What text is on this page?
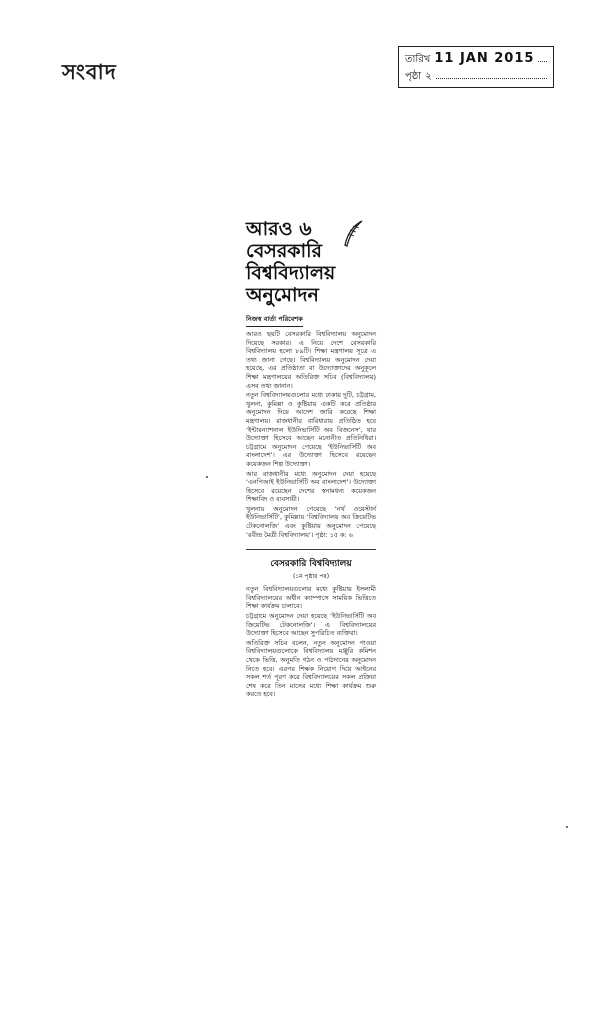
সংবাদ
তারিখ 11 JAN 2015
পৃষ্ঠা ২
আরও ৬ বেসরকারি বিশ্ববিদ্যালয় অনুমোদন
নিজস্ব বার্তা পরিবেশক

আরও ছয়টি বেসরকারি বিশ্ববিদ্যালয় অনুমোদন দিয়েছে সরকার। এ নিয়ে দেশে বেসরকারি বিশ্ববিদ্যালয় হলো ৮৯টি। শিক্ষা মন্ত্রণালয় সূত্রে এ তথ্য জানা গেছে। বিশ্ববিদ্যালয় অনুমোদন দেয়া হয়েছে, এর প্রতিষ্ঠাতা বা উদ্যোক্তাদের অনুকূলে শিক্ষা মন্ত্রণালয়ের অতিরিক্ত সচিব (বিশ্ববিদ্যালয়) এসব তথ্য জানান।

নতুন বিশ্ববিদ্যালয়গুলোর মধ্যে ঢাকায় দুটি, চট্টগ্রাম, খুলনা, কুমিল্লা ও কুষ্টিয়ায় একটি করে প্রতিষ্ঠার অনুমোদন দিয়ে আদেশ জারি করেছে শিক্ষা মন্ত্রণালয়। রাজধানীর বারিধারায় প্রতিষ্ঠিত হবে ‘ইন্টারন্যাশনাল ইউনিভার্সিটি অব বিজনেস’, যার উদ্যোক্তা হিসেবে আছেন মনোনীত প্রতিনিধিরা। চট্টগ্রামে অনুমোদন পেয়েছে ‘ইউনিভার্সিটি অব বাংলাদেশ’। এর উদ্যোক্তা হিসেবে রয়েছেন কয়েকজন শিল্প উদ্যোক্তা।

আর রাজধানীর মধ্যে অনুমোদন দেয়া হয়েছে ‘এনপিআই ইউনিভার্সিটি অব বাংলাদেশ’। উদ্যোক্তা হিসেবে রয়েছেন দেশের স্বনামধন্য কয়েকজন শিক্ষাবিদ ও ব্যবসায়ী।

খুলনায় অনুমোদন পেয়েছে ‘নর্থ ওয়েস্টার্ন ইউনিভার্সিটি’, কুমিল্লায় ‘বিশ্ববিদ্যালয় অব ক্রিয়েটিভ টেকনোলজি’ এবং কুষ্টিয়ায় অনুমোদন পেয়েছে ‘রবীন্দ্র মৈত্রী বিশ্ববিদ্যালয়’। পৃষ্ঠা: ১৫ ক: ৬

বেসরকারি বিশ্ববিদ্যালয়
(১ম পৃষ্ঠার পর)

নতুন বিশ্ববিদ্যালয়গুলোর মধ্যে কুষ্টিয়ায় ইসলামী বিশ্ববিদ্যালয়ের অধীন ক্যাম্পাসে সাময়িক ভিত্তিতে শিক্ষা কার্যক্রম চালাবে।

চট্টগ্রামে অনুমোদন দেয়া হয়েছে ‘ইউনিভার্সিটি অব ক্রিয়েটিভ টেকনোলজি’। এ বিশ্ববিদ্যালয়ের উদ্যোক্তা হিসেবে আছেন সুপরিচিত ব্যক্তিরা।

অতিরিক্ত সচিব বলেন, নতুন অনুমোদন পাওয়া বিশ্ববিদ্যালয়গুলোকে বিশ্ববিদ্যালয় মঞ্জুরি কমিশন থেকে ভিত্তি, অনুমতি গঠন ও পাঠদানের অনুমোদন নিতে হবে। এরপর শিক্ষক নিয়োগ দিয়ে আইনের সকল শর্ত পূরণ করে বিশ্ববিদ্যালয়ের সকল প্রক্রিয়া শেষ করে তিন মাসের মধ্যে শিক্ষা কার্যক্রম শুরু করতে হবে।
